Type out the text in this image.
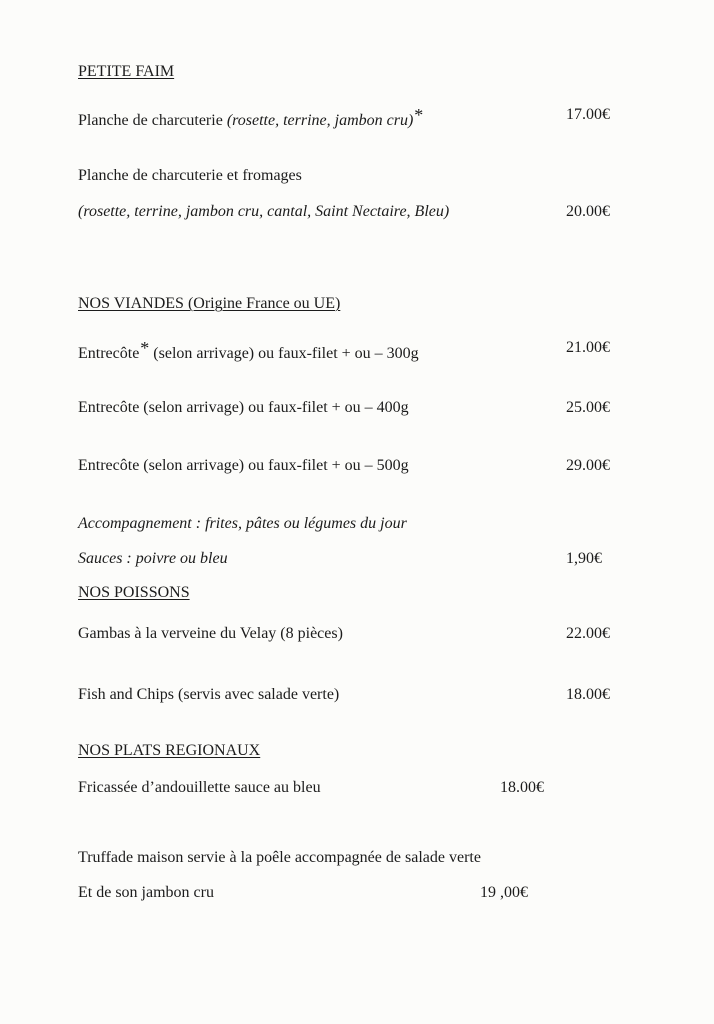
PETITE FAIM
Planche de charcuterie (rosette, terrine, jambon cru)*	17.00€
Planche de charcuterie et fromages
(rosette, terrine, jambon cru, cantal, Saint Nectaire, Bleu)	20.00€
NOS VIANDES (Origine France ou UE)
Entrecôte* (selon arrivage) ou faux-filet + ou – 300g	21.00€
Entrecôte (selon arrivage) ou faux-filet + ou – 400g	25.00€
Entrecôte (selon arrivage) ou faux-filet + ou – 500g	29.00€
Accompagnement : frites, pâtes ou légumes du jour
Sauces : poivre ou bleu	1,90€
NOS POISSONS
Gambas à la verveine du Velay (8 pièces)	22.00€
Fish and Chips (servis avec salade verte)	18.00€
NOS PLATS REGIONAUX
Fricassée d’andouillette sauce au bleu	18.00€
Truffade maison servie à la poêle accompagnée de salade verte
Et de son jambon cru	19 ,00€
